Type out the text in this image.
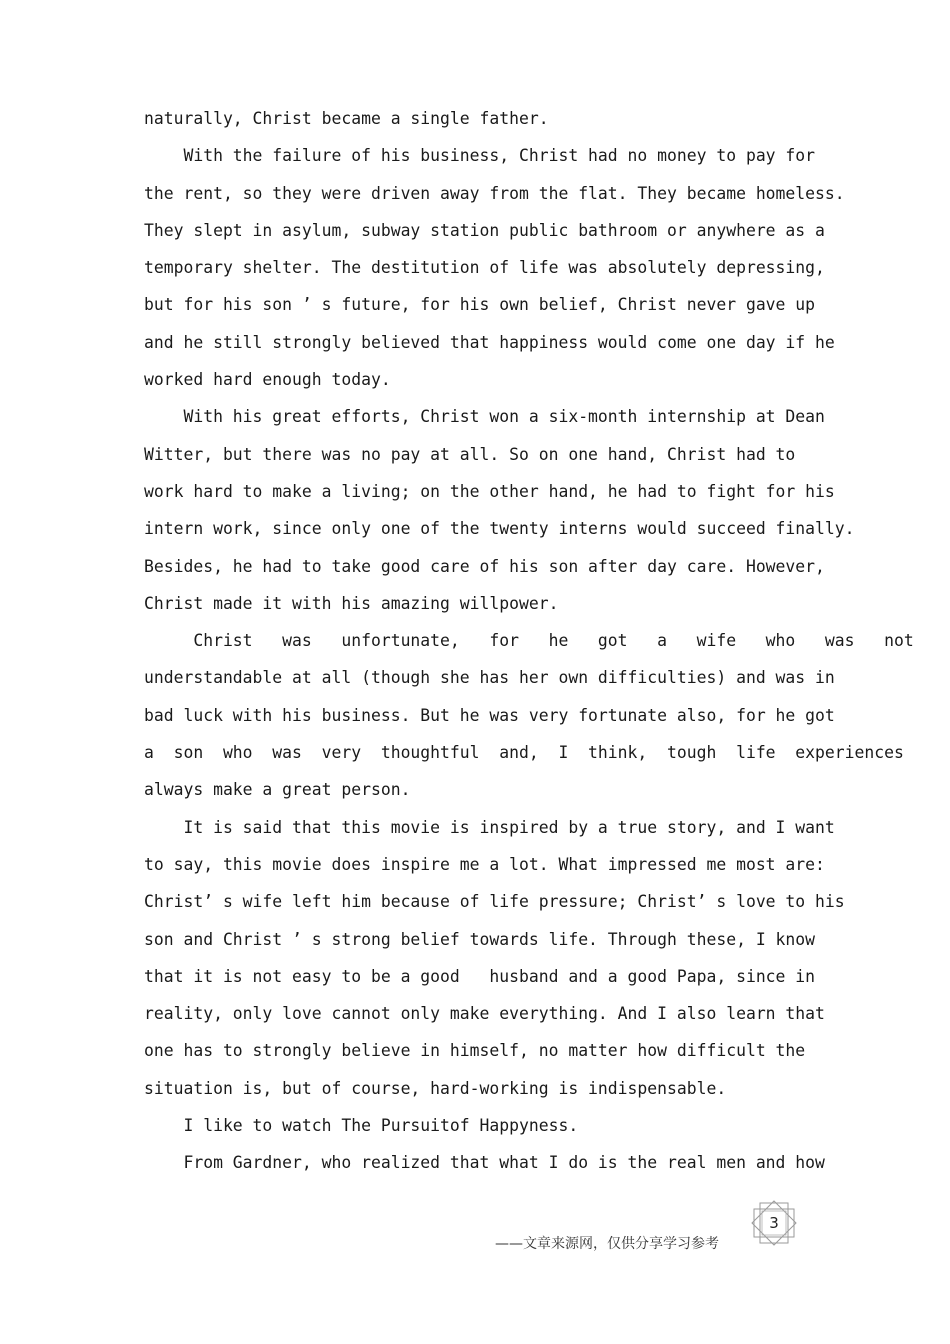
naturally, Christ became a single father.
With the failure of his business, Christ had no money to pay for
the rent, so they were driven away from the flat. They became homeless.
They slept in asylum, subway station public bathroom or anywhere as a
temporary shelter. The destitution of life was absolutely depressing,
but for his son ’ s future, for his own belief, Christ never gave up
and he still strongly believed that happiness would come one day if he
worked hard enough today.
With his great efforts, Christ won a six-month internship at Dean
Witter, but there was no pay at all. So on one hand, Christ had to
work hard to make a living; on the other hand, he had to fight for his
intern work, since only one of the twenty interns would succeed finally.
Besides, he had to take good care of his son after day care. However,
Christ made it with his amazing willpower.
Christ   was   unfortunate,   for   he   got   a   wife   who   was   not
understandable at all (though she has her own difficulties) and was in
bad luck with his business. But he was very fortunate also, for he got
a  son  who  was  very  thoughtful  and,  I  think,  tough  life  experiences
always make a great person.
It is said that this movie is inspired by a true story, and I want
to say, this movie does inspire me a lot. What impressed me most are:
Christ’ s wife left him because of life pressure; Christ’ s love to his
son and Christ ’ s strong belief towards life. Through these, I know
that it is not easy to be a good   husband and a good Papa, since in
reality, only love cannot only make everything. And I also learn that
one has to strongly believe in himself, no matter how difficult the
situation is, but of course, hard-working is indispensable.
I like to watch The Pursuitof Happyness.
From Gardner, who realized that what I do is the real men and how
——文章来源网，仅供分享学习参考
3
